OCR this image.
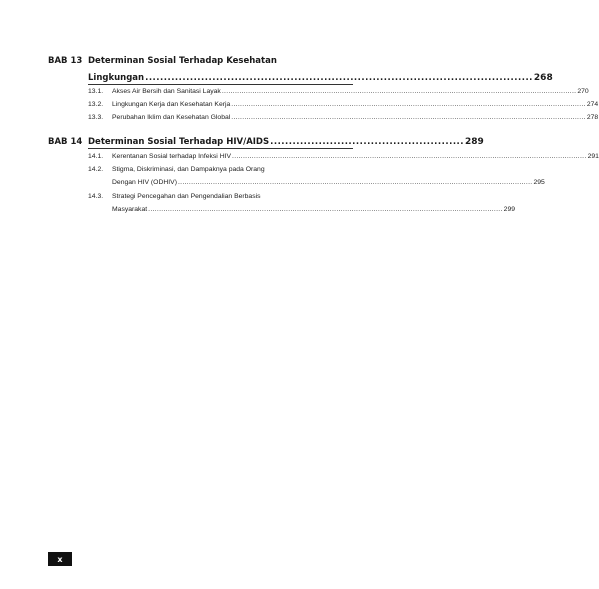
BAB 13 Determinan Sosial Terhadap Kesehatan
Lingkungan ........................................................................................................ 268
13.1.	Akses Air Bersih dan Sanitasi Layak .................................................................................................................................................................. 270
13.2.	Lingkungan Kerja dan Kesehatan Kerja .................................................................................................................................................................. 274
13.3.	Perubahan Iklim dan Kesehatan Global .................................................................................................................................................................. 278
BAB 14 Determinan Sosial Terhadap HIV/AIDS .................................................... 289
14.1.	Kerentanan Sosial terhadap Infeksi HIV .................................................................................................................................................................. 291
14.2.	Stigma, Diskriminasi, dan Dampaknya pada Orang
Dengan HIV (ODHIV) .................................................................................................................................................................. 295
14.3.	Strategi Pencegahan dan Pengendalian Berbasis
Masyarakat .................................................................................................................................................................. 299
x
